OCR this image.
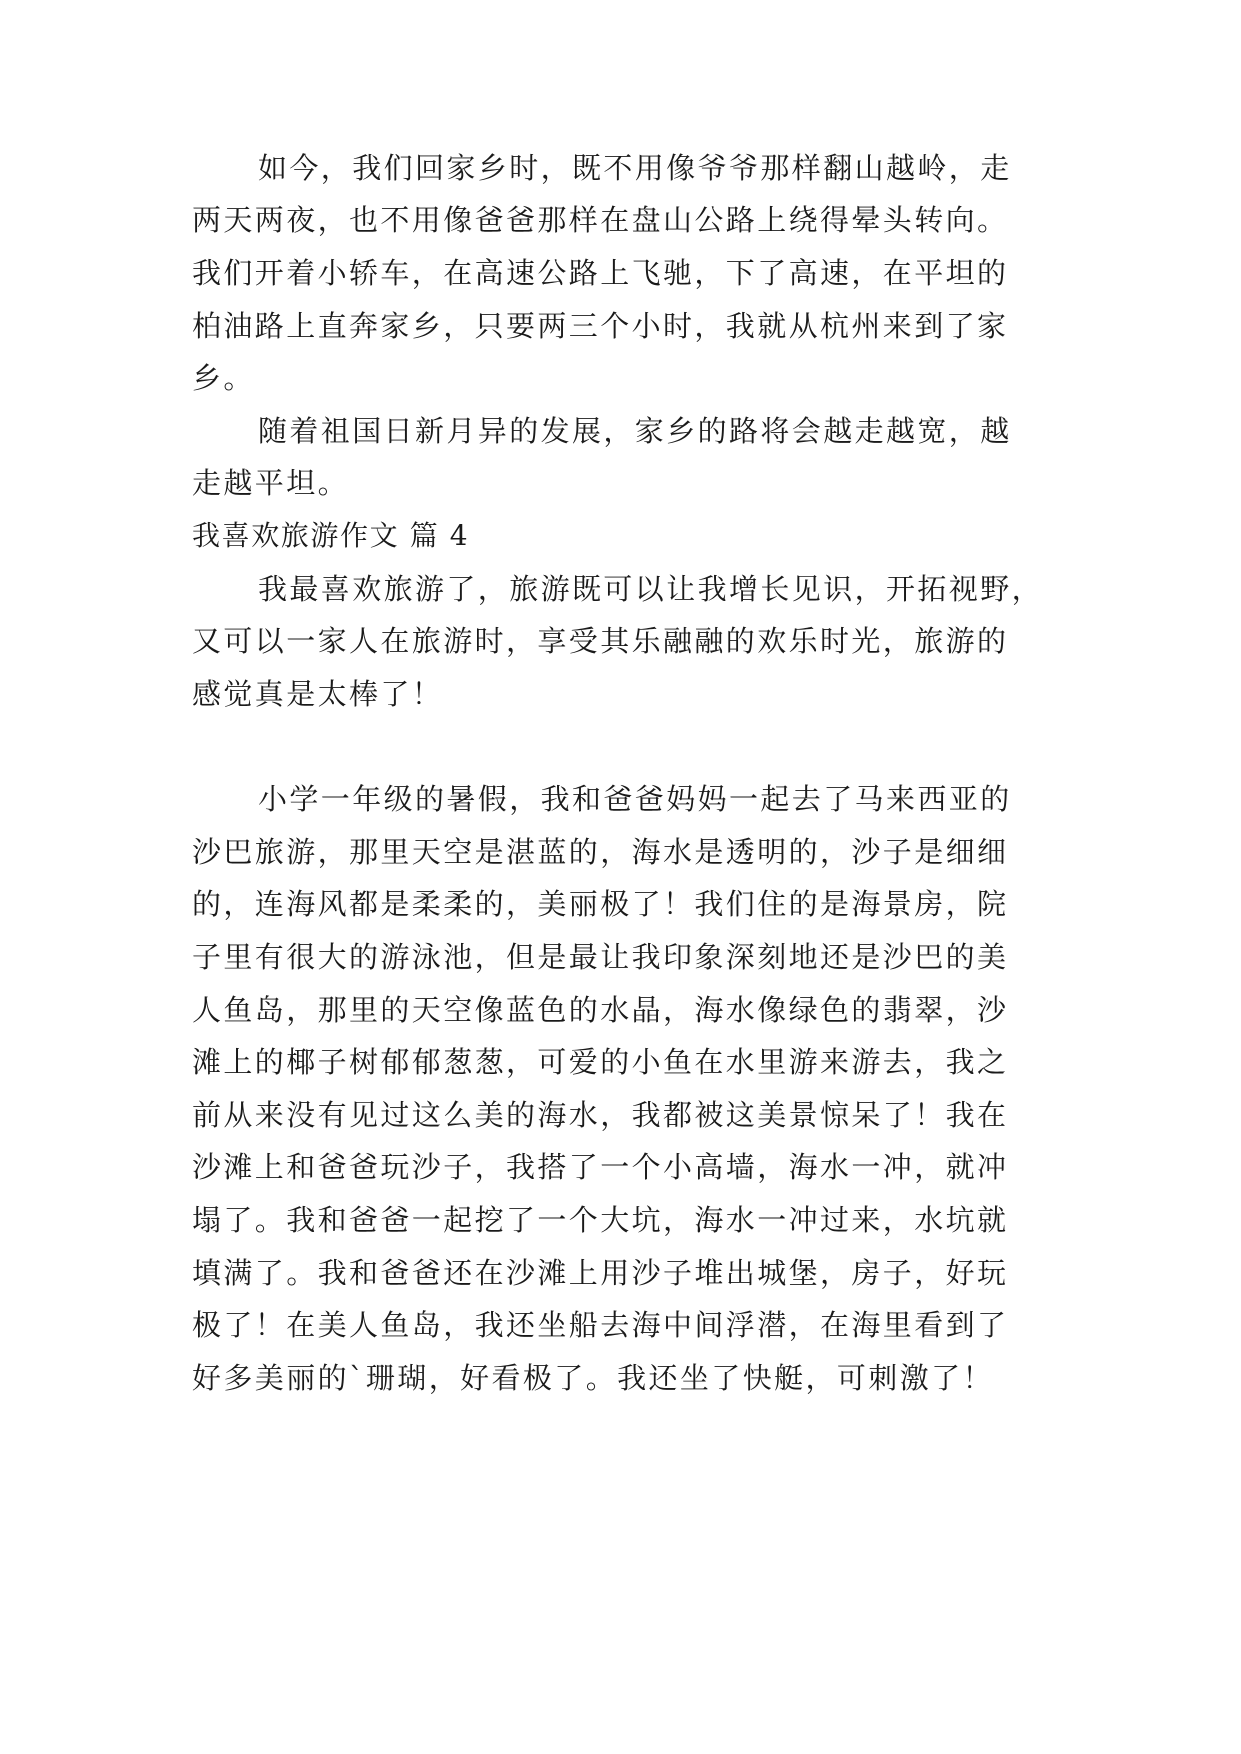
如今，我们回家乡时，既不用像爷爷那样翻山越岭，走
两天两夜，也不用像爸爸那样在盘山公路上绕得晕头转向。
我们开着小轿车，在高速公路上飞驰，下了高速，在平坦的
柏油路上直奔家乡，只要两三个小时，我就从杭州来到了家
乡。
随着祖国日新月异的发展，家乡的路将会越走越宽，越
走越平坦。
我喜欢旅游作文 篇 4
我最喜欢旅游了，旅游既可以让我增长见识，开拓视野，
又可以一家人在旅游时，享受其乐融融的欢乐时光，旅游的
感觉真是太棒了！
小学一年级的暑假，我和爸爸妈妈一起去了马来西亚的
沙巴旅游，那里天空是湛蓝的，海水是透明的，沙子是细细
的，连海风都是柔柔的，美丽极了！我们住的是海景房，院
子里有很大的游泳池，但是最让我印象深刻地还是沙巴的美
人鱼岛，那里的天空像蓝色的水晶，海水像绿色的翡翠，沙
滩上的椰子树郁郁葱葱，可爱的小鱼在水里游来游去，我之
前从来没有见过这么美的海水，我都被这美景惊呆了！我在
沙滩上和爸爸玩沙子，我搭了一个小高墙，海水一冲，就冲
塌了。我和爸爸一起挖了一个大坑，海水一冲过来，水坑就
填满了。我和爸爸还在沙滩上用沙子堆出城堡，房子，好玩
极了！在美人鱼岛，我还坐船去海中间浮潜，在海里看到了
好多美丽的`珊瑚，好看极了。我还坐了快艇，可刺激了！
